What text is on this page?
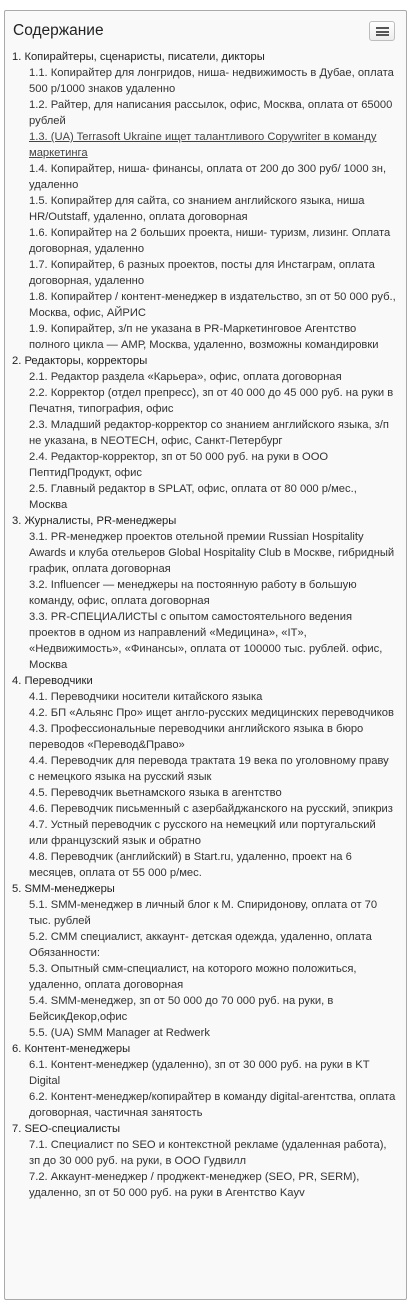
Содержание
1. Копирайтеры, сценаристы, писатели, дикторы
1.1. Копирайтер для лонгридов, ниша- недвижимость в Дубае, оплата 500 р/1000 знаков удаленно
1.2. Райтер, для написания рассылок, офис, Москва, оплата от 65000 рублей
1.3. (UA) Terrasoft Ukraine ищет талантливого Copywriter в команду маркетинга
1.4. Копирайтер, ниша- финансы, оплата от 200 до 300 руб/ 1000 зн, удаленно
1.5. Копирайтер для сайта, со знанием английского языка, ниша HR/Outstaff, удаленно, оплата договорная
1.6. Копирайтер на 2 больших проекта, ниши- туризм, лизинг. Оплата договорная, удаленно
1.7. Копирайтер, 6 разных проектов, посты для Инстаграм, оплата договорная, удаленно
1.8. Копирайтер / контент-менеджер в издательство, зп от 50 000 руб., Москва, офис, АЙРИС
1.9. Копирайтер, з/п не указана в PR-Маркетинговое Агентство полного цикла — АМР, Москва, удаленно, возможны командировки
2. Редакторы, корректоры
2.1. Редактор раздела «Карьера», офис, оплата договорная
2.2. Корректор (отдел препресс), зп от 40 000 до 45 000 руб. на руки в Печатня, типография, офис
2.3. Младший редактор-корректор со знанием английского языка, з/п не указана, в NEOTECH, офис, Санкт-Петербург
2.4. Редактор-корректор, зп от 50 000 руб. на руки в ООО ПептидПродукт, офис
2.5. Главный редактор в SPLAT, офис, оплата от 80 000 р/мес., Москва
3. Журналисты, PR-менеджеры
3.1. PR-менеджер проектов отельной премии Russian Hospitality Awards и клуба отельеров Global Hospitality Club в Москве, гибридный график, оплата договорная
3.2. Influencer — менеджеры на постоянную работу в большую команду, офис, оплата договорная
3.3. PR-СПЕЦИАЛИСТЫ с опытом самостоятельного ведения проектов в одном из направлений «Медицина», «IT», «Недвижимость», «Финансы», оплата от 100000 тыс. рублей. офис, Москва
4. Переводчики
4.1. Переводчики носители китайского языка
4.2. БП «Альянс Про» ищет англо-русских медицинских переводчиков
4.3. Профессиональные переводчики английского языка в бюро переводов «Перевод&Право»
4.4. Переводчик для перевода трактата 19 века по уголовному праву с немецкого языка на русский язык
4.5. Переводчик вьетнамского языка в агентство
4.6. Переводчик письменный с азербайджанского на русский, эпикриз
4.7. Устный переводчик с русского на немецкий или португальский или французский язык и обратно
4.8. Переводчик (английский) в Start.ru, удаленно, проект на 6 месяцев, оплата от 55 000 р/мес.
5. SMM-менеджеры
5.1. SMM-менеджер в личный блог к М. Спиридонову, оплата от 70 тыс. рублей
5.2. СММ специалист, аккаунт- детская одежда, удаленно, оплата Обязанности:
5.3. Опытный смм-специалист, на которого можно положиться, удаленно, оплата договорная
5.4. SMM-менеджер, зп от 50 000 до 70 000 руб. на руки, в БейсикДекор,офис
5.5. (UA) SMM Manager at Redwerk
6. Контент-менеджеры
6.1. Контент-менеджер (удаленно), зп от 30 000 руб. на руки в KT Digital
6.2. Контент-менеджер/копирайтер в команду digital-агентства, оплата договорная, частичная занятость
7. SEO-специалисты
7.1. Специалист по SEO и контекстной рекламе (удаленная работа), зп до 30 000 руб. на руки, в ООО Гудвилл
7.2. Аккаунт-менеджер / проджект-менеджер (SEO, PR, SERM), удаленно, зп от 50 000 руб. на руки в Агентство Kayv
